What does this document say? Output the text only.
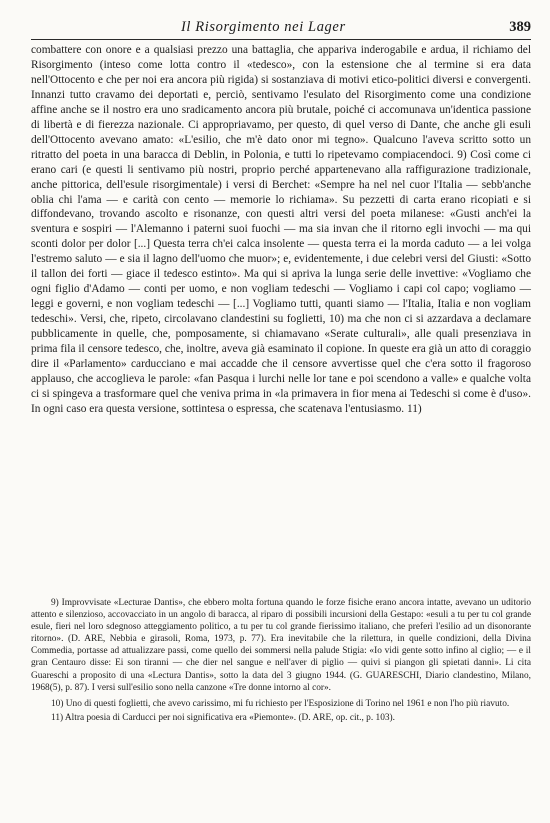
Il Risorgimento nei Lager	389

combattere con onore e a qualsiasi prezzo una battaglia, che appariva inderogabile e ardua, il richiamo del Risorgimento (inteso come lotta contro il «tedesco», con la estensione che al termine si era data nell'Ottocento e che per noi era ancora più rigida) si sostanziava di motivi etico-politici diversi e convergenti. Innanzi tutto cravamo dei deportati e, perciò, sentivamo l'esulato del Risorgimento come una condizione affine anche se il nostro era uno sradicamento ancora più brutale, poiché ci accomunava un'identica passione di libertà e di fierezza nazionale. Ci appropriavamo, per questo, di quel verso di Dante, che anche gli esuli dell'Ottocento avevano amato: «L'esilio, che m'è dato onor mi tegno». Qualcuno l'aveva scritto sotto un ritratto del poeta in una baracca di Deblin, in Polonia, e tutti lo ripetevamo compiacendoci. 9) Così come ci erano cari (e questi li sentivamo più nostri, proprio perché appartenevano alla raffigurazione tradizionale, anche pittorica, dell'esule risorgimentale) i versi di Berchet: «Sempre ha nel nel cuor l'Italia — sebb'anche oblia chi l'ama — e carità con cento — memorie lo richiama». Su pezzetti di carta erano ricopiati e si diffondevano, trovando ascolto e risonanze, con questi altri versi del poeta milanese: «Gusti anch'ei la sventura e sospiri — l'Alemanno i paterni suoi fuochi — ma sia invan che il ritorno egli invochi — ma qui sconti dolor per dolor [...] Questa terra ch'ei calca insolente — questa terra ei la morda caduto — a lei volga l'estremo saluto — e sia il lagno dell'uomo che muor»; e, evidentemente, i due celebri versi del Giusti: «Sotto il tallon dei forti — giace il tedesco estinto». Ma qui si apriva la lunga serie delle invettive: «Vogliamo che ogni figlio d'Adamo — conti per uomo, e non vogliam tedeschi — Vogliamo i capi col capo; vogliamo — leggi e governi, e non vogliam tedeschi — [...] Vogliamo tutti, quanti siamo — l'Italia, Italia e non vogliam tedeschi». Versi, che, ripeto, circolavano clandestini su foglietti, 10) ma che non ci si azzardava a declamare pubblicamente in quelle, che, pomposamente, si chiamavano «Serate culturali», alle quali presenziava in prima fila il censore tedesco, che, inoltre, aveva già esaminato il copione. In queste era già un atto di coraggio dire il «Parlamento» carducciano e mai accadde che il censore avvertisse quel che c'era sotto il fragoroso applauso, che accoglieva le parole: «fan Pasqua i lurchi nelle lor tane e poi scendono a valle» e qualche volta ci si spingeva a trasformare quel che veniva prima in «la primavera in fior mena ai Tedeschi si come è d'uso». In ogni caso era questa versione, sottintesa o espressa, che scatenava l'entusiasmo. 11)

9) Improvvisate «Lecturae Dantis», che ebbero molta fortuna quando le forze fisiche erano ancora intatte, avevano un uditorio attento e silenzioso, accovacciato in un angolo di baracca, al riparo di possibili incursioni della Gestapo: «esuli a tu per tu col grande esule, fieri nel loro sdegnoso atteggiamento politico, a tu per tu col grande fierissimo italiano, che preferì l'esilio ad un disonorante ritorno». (D. ARE, Nebbia e girasoli, Roma, 1973, p. 77). Era inevitabile che la rilettura, in quelle condizioni, della Divina Commedia, portasse ad attualizzare passi, come quello dei sommersi nella palude Stigia: «Io vidi gente sotto infino al ciglio; — e il gran Centauro disse: Ei son tiranni — che dier nel sangue e nell'aver di piglio — quivi si piangon gli spietati danni». Li cita Guareschi a proposito di una «Lectura Dantis», sotto la data del 3 giugno 1944. (G. GUARESCHI, Diario clandestino, Milano, 1968(5), p. 87). I versi sull'esilio sono nella canzone «Tre donne intorno al cor».

10) Uno di questi foglietti, che avevo carissimo, mi fu richiesto per l'Esposizione di Torino nel 1961 e non l'ho più riavuto.

11) Altra poesia di Carducci per noi significativa era «Piemonte». (D. ARE, op. cit., p. 103).
